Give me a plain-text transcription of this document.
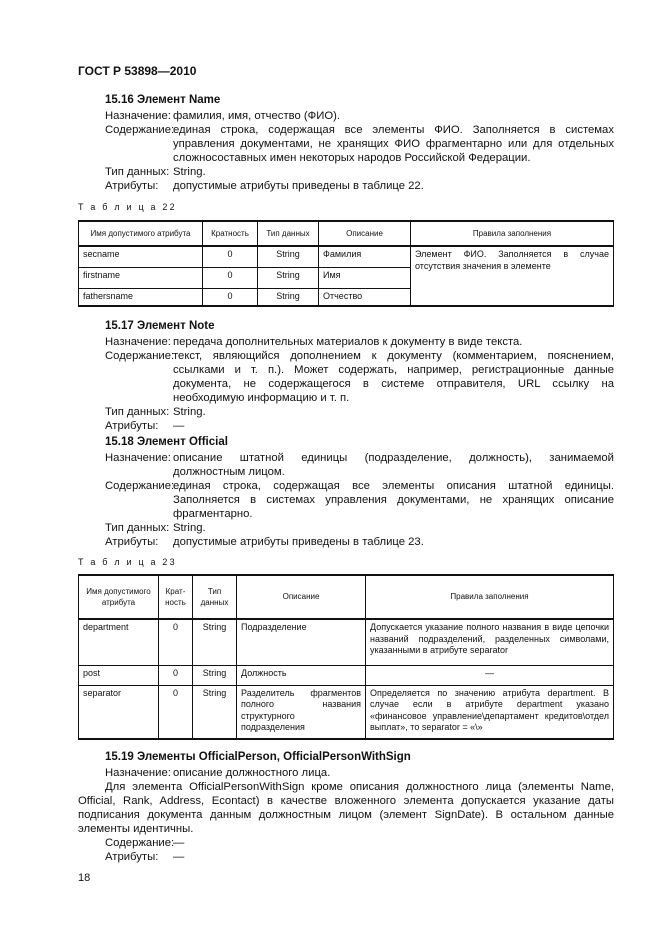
ГОСТ Р 53898—2010
15.16 Элемент Name
Назначение: фамилия, имя, отчество (ФИО).
Содержание:
единая строка, содержащая все элементы ФИО. Заполняется в системах управления документами, не хранящих ФИО фрагментарно или для отдельных сложносоставных имен некоторых народов Российской Федерации.
Тип данных: String.
Атрибуты:	допустимые атрибуты приведены в таблице 22.
Т а б л и ц а 22
Имя допустимого атрибута	Кратность	Тип данных	Описание	Правила заполнения
secname	0	String	Фамилия	Элемент ФИО. Заполняется в случае отсутствия значения в элементе
firstname	0	String	Имя	
fathersname	0	String	Отчество	
15.17 Элемент Note
Назначение: передача дополнительных материалов к документу в виде текста.
Содержание:
текст, являющийся дополнением к документу (комментарием, пояснением, ссылками и т. п.). Может содержать, например, регистрационные данные документа, не содержащегося в системе отправителя, URL ссылку на необходимую информацию и т. п.
Тип данных: String.
Атрибуты:	—
15.18 Элемент Official
Назначение: описание штатной единицы (подразделение, должность), занимаемой должностным лицом.
Содержание:
единая строка, содержащая все элементы описания штатной единицы. Заполняется в системах управления документами, не хранящих описание фрагментарно.
Тип данных: String.
Атрибуты:	допустимые атрибуты приведены в таблице 23.
Т а б л и ц а 23
Имя допустимого атрибута	Крат-ность	Тип данных	Описание	Правила заполнения
department	0	String	Подразделение	Допускается указание полного названия в виде цепочки названий подразделений, разделенных символами, указанными в атрибуте separator
post	0	String	Должность	—
separator	0	String	Разделитель фрагментов полного названия структурного подразделения	Определяется по значению атрибута department. В случае если в атрибуте department указано «финансовое управление\департамент кредитов\отдел выплат», то separator = «\»
15.19 Элементы OfficialPerson, OfficialPersonWithSign
Назначение: описание должностного лица.
Для элемента OfficialPersonWithSign кроме описания должностного лица (элементы Name, Official, Rank, Address, Econtact) в качестве вложенного элемента допускается указание даты подписания документа данным должностным лицом (элемент SignDate). В остальном данные элементы идентичны.
Содержание:
—
Атрибуты:	—
18
